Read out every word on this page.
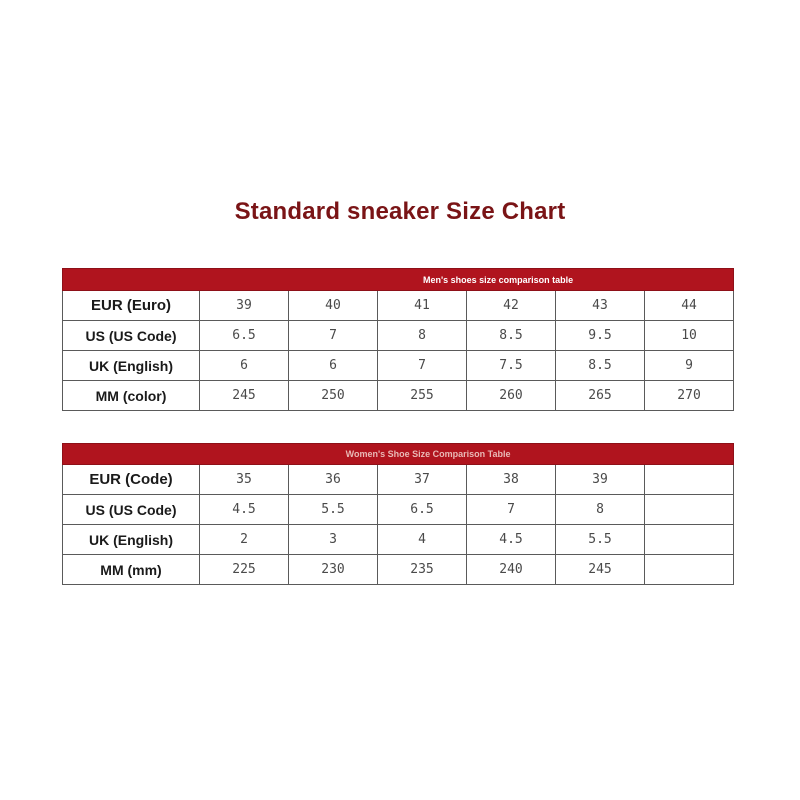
Standard sneaker Size Chart
Men's shoes size comparison table						
EUR (Euro)	39	40	41	42	43	44
US (US Code)	6.5	7	8	8.5	9.5	10
UK (English)	6	6	7	7.5	8.5	9
MM (color)	245	250	255	260	265	270
Women's Shoe Size Comparison Table						
EUR (Code)	35	36	37	38	39	
US (US Code)	4.5	5.5	6.5	7	8	
UK (English)	2	3	4	4.5	5.5	
MM (mm)	225	230	235	240	245	
